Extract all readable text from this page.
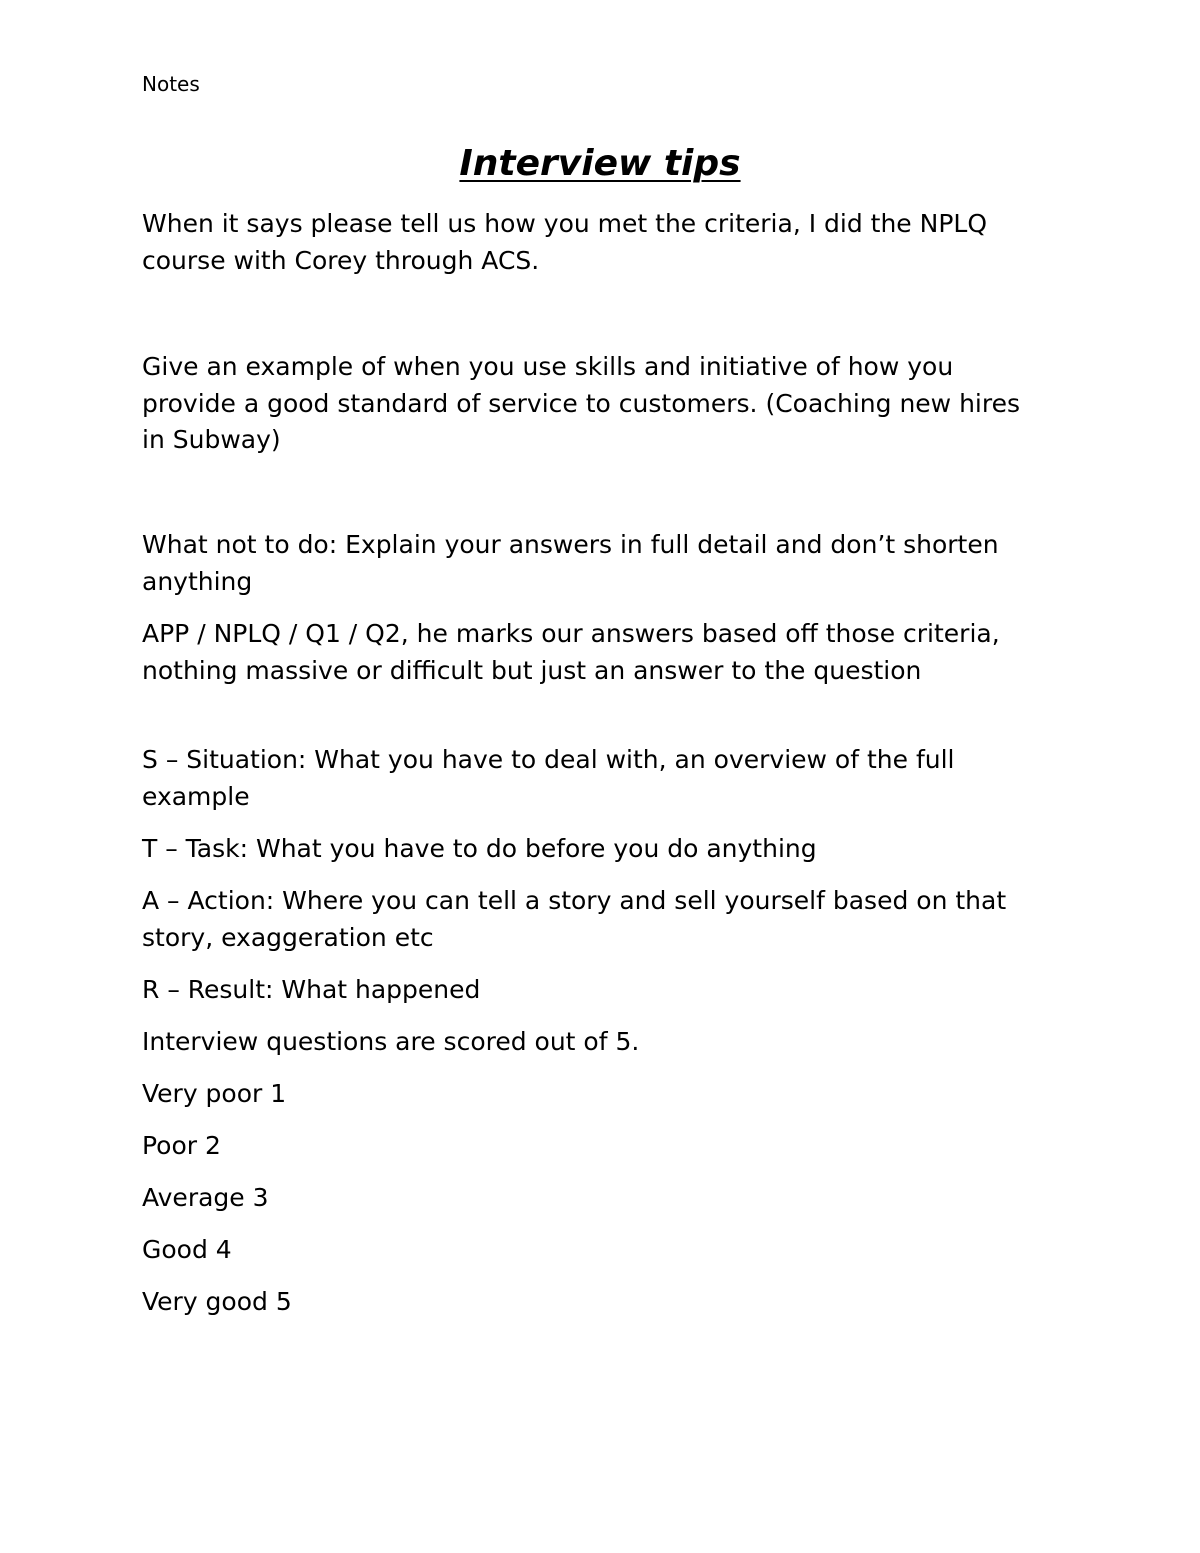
Notes
Interview tips

When it says please tell us how you met the criteria, I did the NPLQ course with Corey through ACS.

Give an example of when you use skills and initiative of how you provide a good standard of service to customers. (Coaching new hires in Subway)

What not to do: Explain your answers in full detail and don’t shorten anything

APP / NPLQ / Q1 / Q2, he marks our answers based off those criteria, nothing massive or difficult but just an answer to the question

S – Situation: What you have to deal with, an overview of the full example

T – Task: What you have to do before you do anything

A – Action: Where you can tell a story and sell yourself based on that story, exaggeration etc

R – Result: What happened

Interview questions are scored out of 5.

Very poor 1

Poor 2

Average 3

Good 4

Very good 5
